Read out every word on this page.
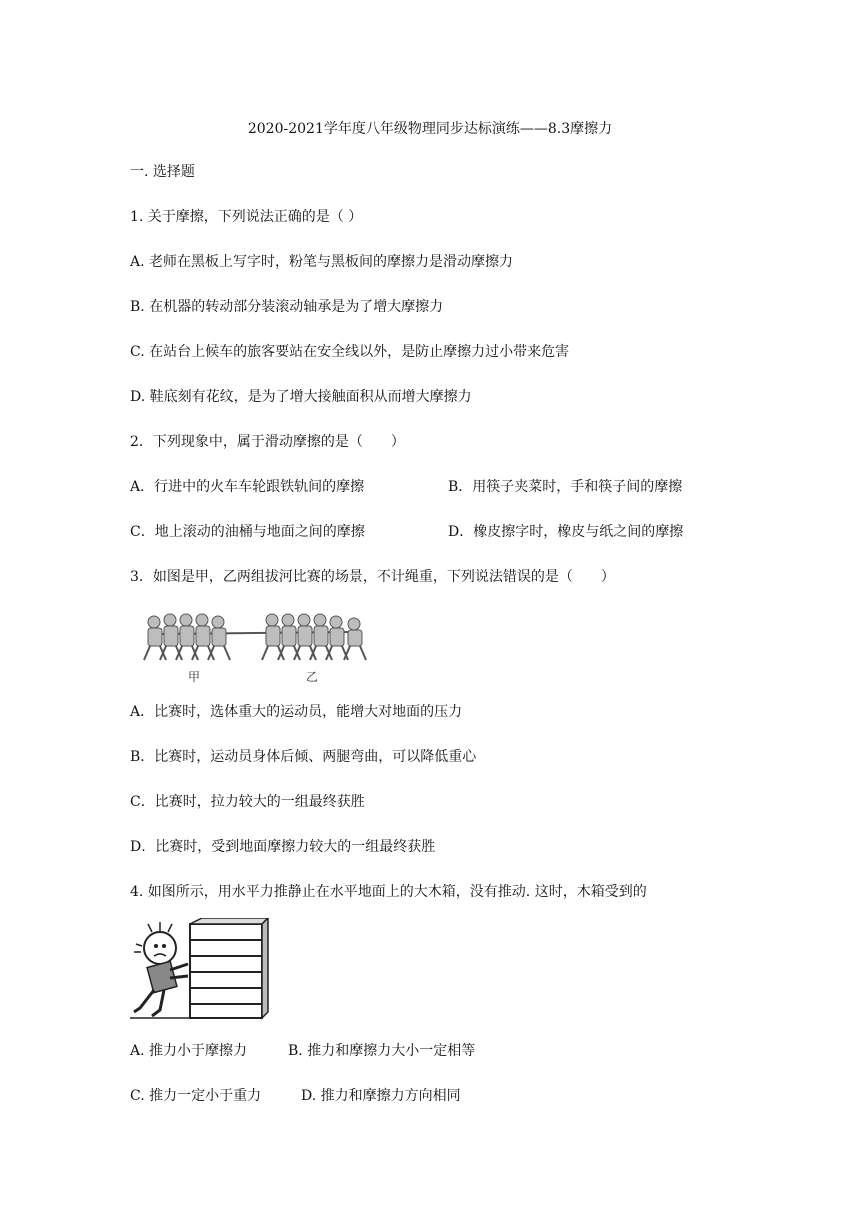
2020-2021学年度八年级物理同步达标演练——8.3摩擦力
一. 选择题
1. 关于摩擦，下列说法正确的是（ ）
A. 老师在黑板上写字时，粉笔与黑板间的摩擦力是滑动摩擦力
B. 在机器的转动部分装滚动轴承是为了增大摩擦力
C. 在站台上候车的旅客要站在安全线以外，是防止摩擦力过小带来危害
D. 鞋底刻有花纹，是为了增大接触面积从而增大摩擦力
2．下列现象中，属于滑动摩擦的是（　　）
A．行进中的火车车轮跟铁轨间的摩擦	B．用筷子夹菜时，手和筷子间的摩擦
C．地上滚动的油桶与地面之间的摩擦	D．橡皮擦字时，橡皮与纸之间的摩擦
3．如图是甲，乙两组拔河比赛的场景，不计绳重，下列说法错误的是（　　）
甲	乙
A．比赛时，选体重大的运动员，能增大对地面的压力
B．比赛时，运动员身体后倾、两腿弯曲，可以降低重心
C．比赛时，拉力较大的一组最终获胜
D．比赛时，受到地面摩擦力较大的一组最终获胜
4. 如图所示，用水平力推静止在水平地面上的大木箱，没有推动. 这时，木箱受到的
A. 推力小于摩擦力	B. 推力和摩擦力大小一定相等
C. 推力一定小于重力	D. 推力和摩擦力方向相同
